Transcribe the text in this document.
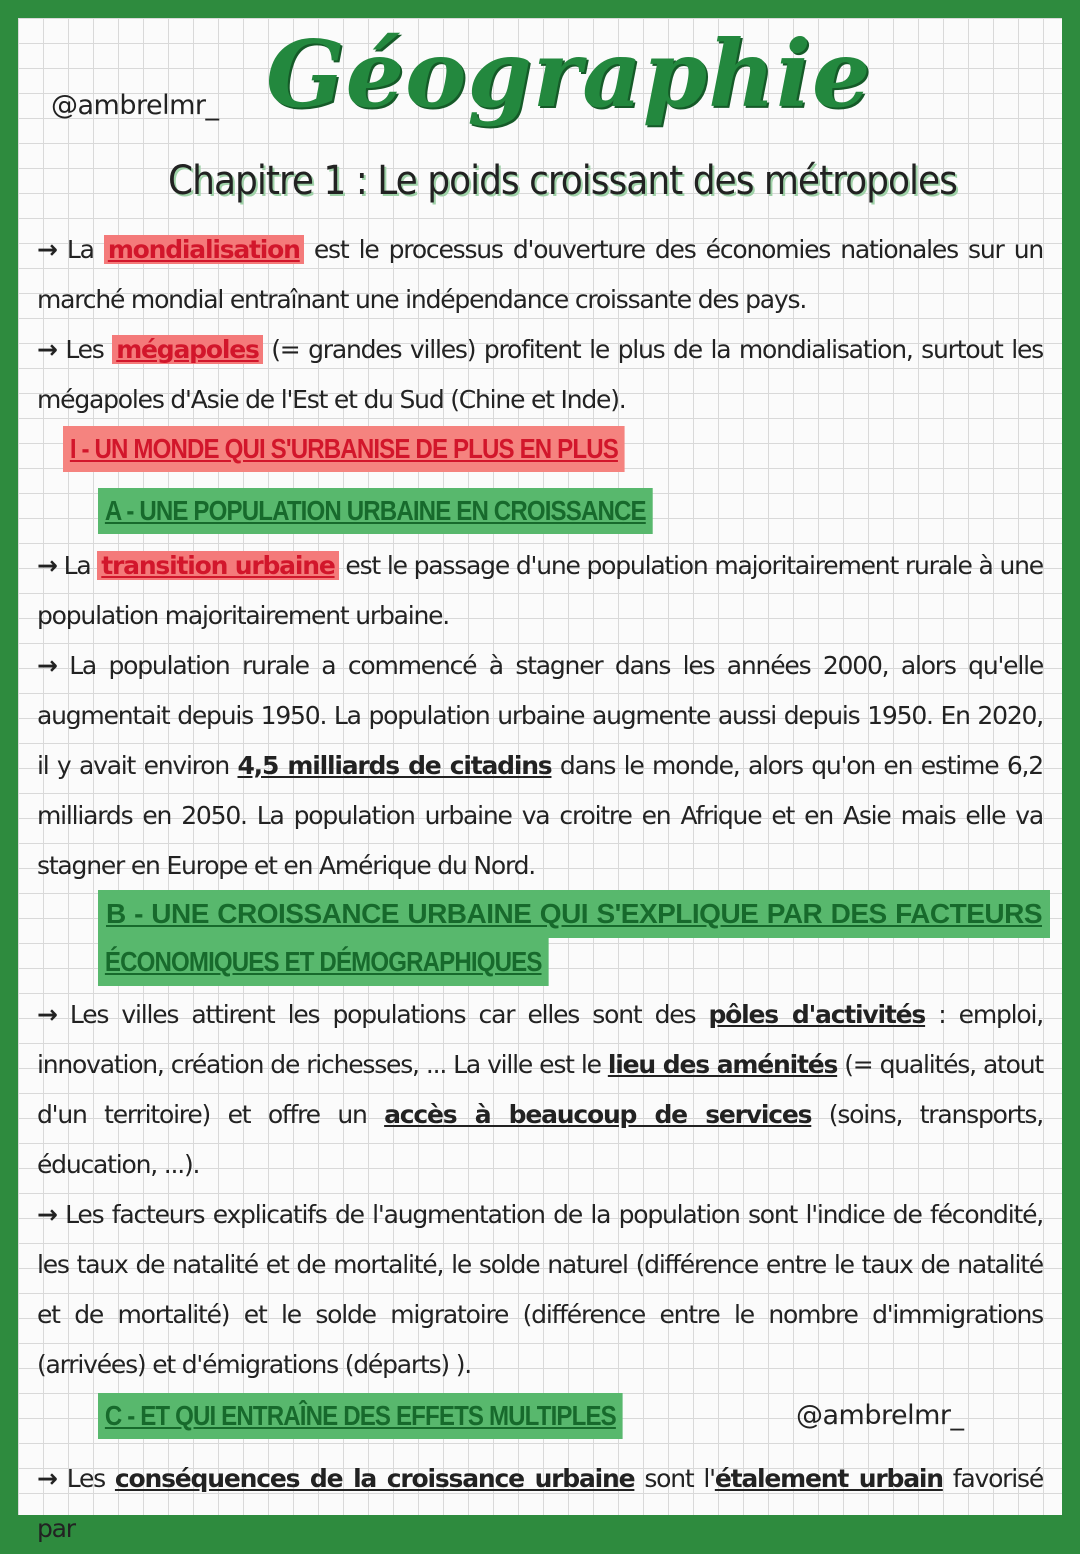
@ambrelmr_ Géographie
Chapitre 1 : Le poids croissant des métropoles
→ La mondialisation est le processus d'ouverture des économies nationales sur un marché mondial entraînant une indépendance croissante des pays.
→ Les mégapoles (= grandes villes) profitent le plus de la mondialisation, surtout les mégapoles d'Asie de l'Est et du Sud (Chine et Inde).
I - UN MONDE QUI S'URBANISE DE PLUS EN PLUS
A - UNE POPULATION URBAINE EN CROISSANCE
→ La transition urbaine est le passage d'une population majoritairement rurale à une population majoritairement urbaine.
→ La population rurale a commencé à stagner dans les années 2000, alors qu'elle augmentait depuis 1950. La population urbaine augmente aussi depuis 1950. En 2020, il y avait environ 4,5 milliards de citadins dans le monde, alors qu'on en estime 6,2 milliards en 2050. La population urbaine va croitre en Afrique et en Asie mais elle va stagner en Europe et en Amérique du Nord.
B - UNE CROISSANCE URBAINE QUI S'EXPLIQUE PAR DES FACTEURS
ÉCONOMIQUES ET DÉMOGRAPHIQUES
→ Les villes attirent les populations car elles sont des pôles d'activités : emploi, innovation, création de richesses, ... La ville est le lieu des aménités (= qualités, atout d'un territoire) et offre un accès à beaucoup de services (soins, transports, éducation, ...).
→ Les facteurs explicatifs de l'augmentation de la population sont l'indice de fécondité, les taux de natalité et de mortalité, le solde naturel (différence entre le taux de natalité et de mortalité) et le solde migratoire (différence entre le nombre d'immigrations (arrivées) et d'émigrations (départs) ).
C - ET QUI ENTRAÎNE DES EFFETS MULTIPLES	@ambrelmr_
→ Les conséquences de la croissance urbaine sont l'étalement urbain favorisé par
